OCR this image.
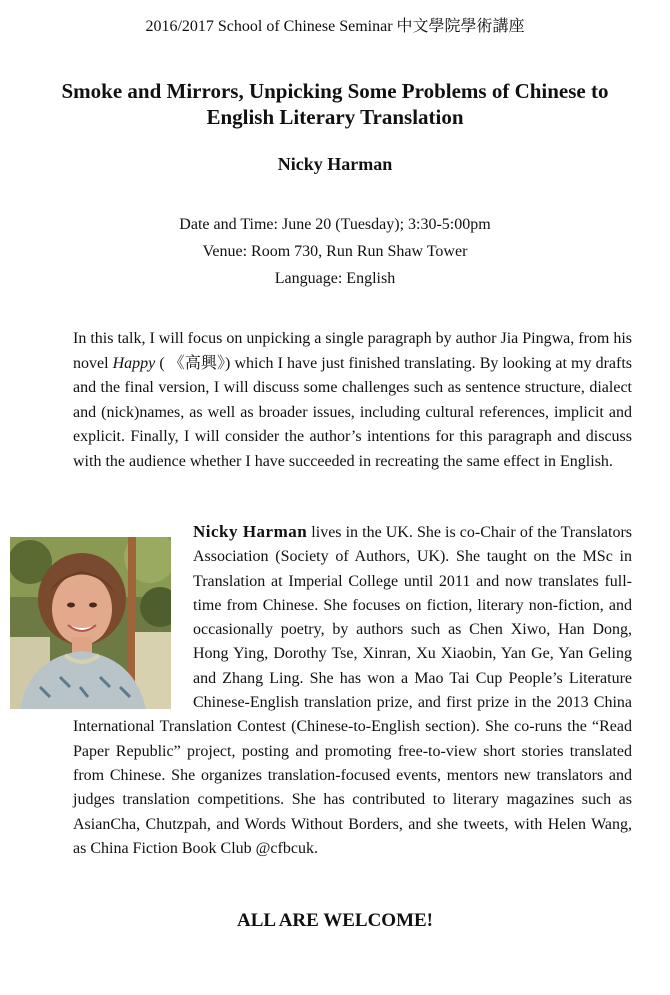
2016/2017 School of Chinese Seminar 中文學院學術講座
Smoke and Mirrors, Unpicking Some Problems of Chinese to English Literary Translation
Nicky Harman
Date and Time: June 20 (Tuesday); 3:30-5:00pm
Venue: Room 730, Run Run Shaw Tower
Language: English

In this talk, I will focus on unpicking a single paragraph by author Jia Pingwa, from his novel Happy ( 《高興》) which I have just finished translating. By looking at my drafts and the final version, I will discuss some challenges such as sentence structure, dialect and (nick)names, as well as broader issues, including cultural references, implicit and explicit. Finally, I will consider the author’s intentions for this paragraph and discuss with the audience whether I have succeeded in recreating the same effect in English.

Nicky Harman lives in the UK. She is co-Chair of the Translators Association (Society of Authors, UK). She taught on the MSc in Translation at Imperial College until 2011 and now translates full-time from Chinese. She focuses on fiction, literary non-fiction, and occasionally poetry, by authors such as Chen Xiwo, Han Dong, Hong Ying, Dorothy Tse, Xinran, Xu Xiaobin, Yan Ge, Yan Geling and Zhang Ling. She has won a Mao Tai Cup People’s Literature Chinese-English translation prize, and first prize in the 2013 China International Translation Contest (Chinese-to-English section). She co-runs the “Read Paper Republic” project, posting and promoting free-to-view short stories translated from Chinese. She organizes translation-focused events, mentors new translators and judges translation competitions. She has contributed to literary magazines such as AsianCha, Chutzpah, and Words Without Borders, and she tweets, with Helen Wang, as China Fiction Book Club @cfbcuk.

ALL ARE WELCOME!
